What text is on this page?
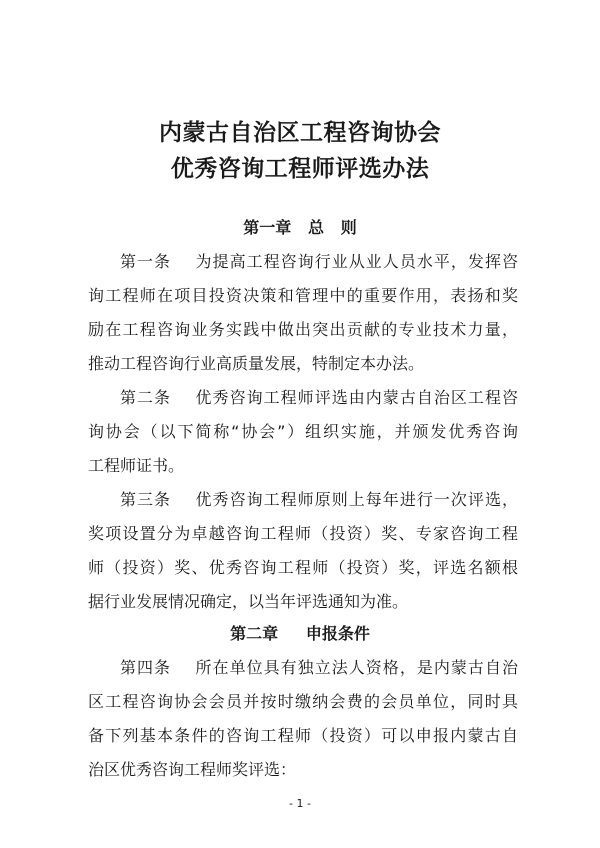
内蒙古自治区工程咨询协会
优秀咨询工程师评选办法
第一章   总   则
第一条    为提高工程咨询行业从业人员水平，发挥咨
询工程师在项目投资决策和管理中的重要作用，表扬和奖
励在工程咨询业务实践中做出突出贡献的专业技术力量，
推动工程咨询行业高质量发展，特制定本办法。
第二条    优秀咨询工程师评选由内蒙古自治区工程咨
询协会（以下简称“协会”）组织实施，并颁发优秀咨询
工程师证书。
第三条    优秀咨询工程师原则上每年进行一次评选，
奖项设置分为卓越咨询工程师（投资）奖、专家咨询工程
师（投资）奖、优秀咨询工程师（投资）奖，评选名额根
据行业发展情况确定，以当年评选通知为准。
第二章     申报条件
第四条    所在单位具有独立法人资格，是内蒙古自治
区工程咨询协会会员并按时缴纳会费的会员单位，同时具
备下列基本条件的咨询工程师（投资）可以申报内蒙古自
治区优秀咨询工程师奖评选：
- 1 -
